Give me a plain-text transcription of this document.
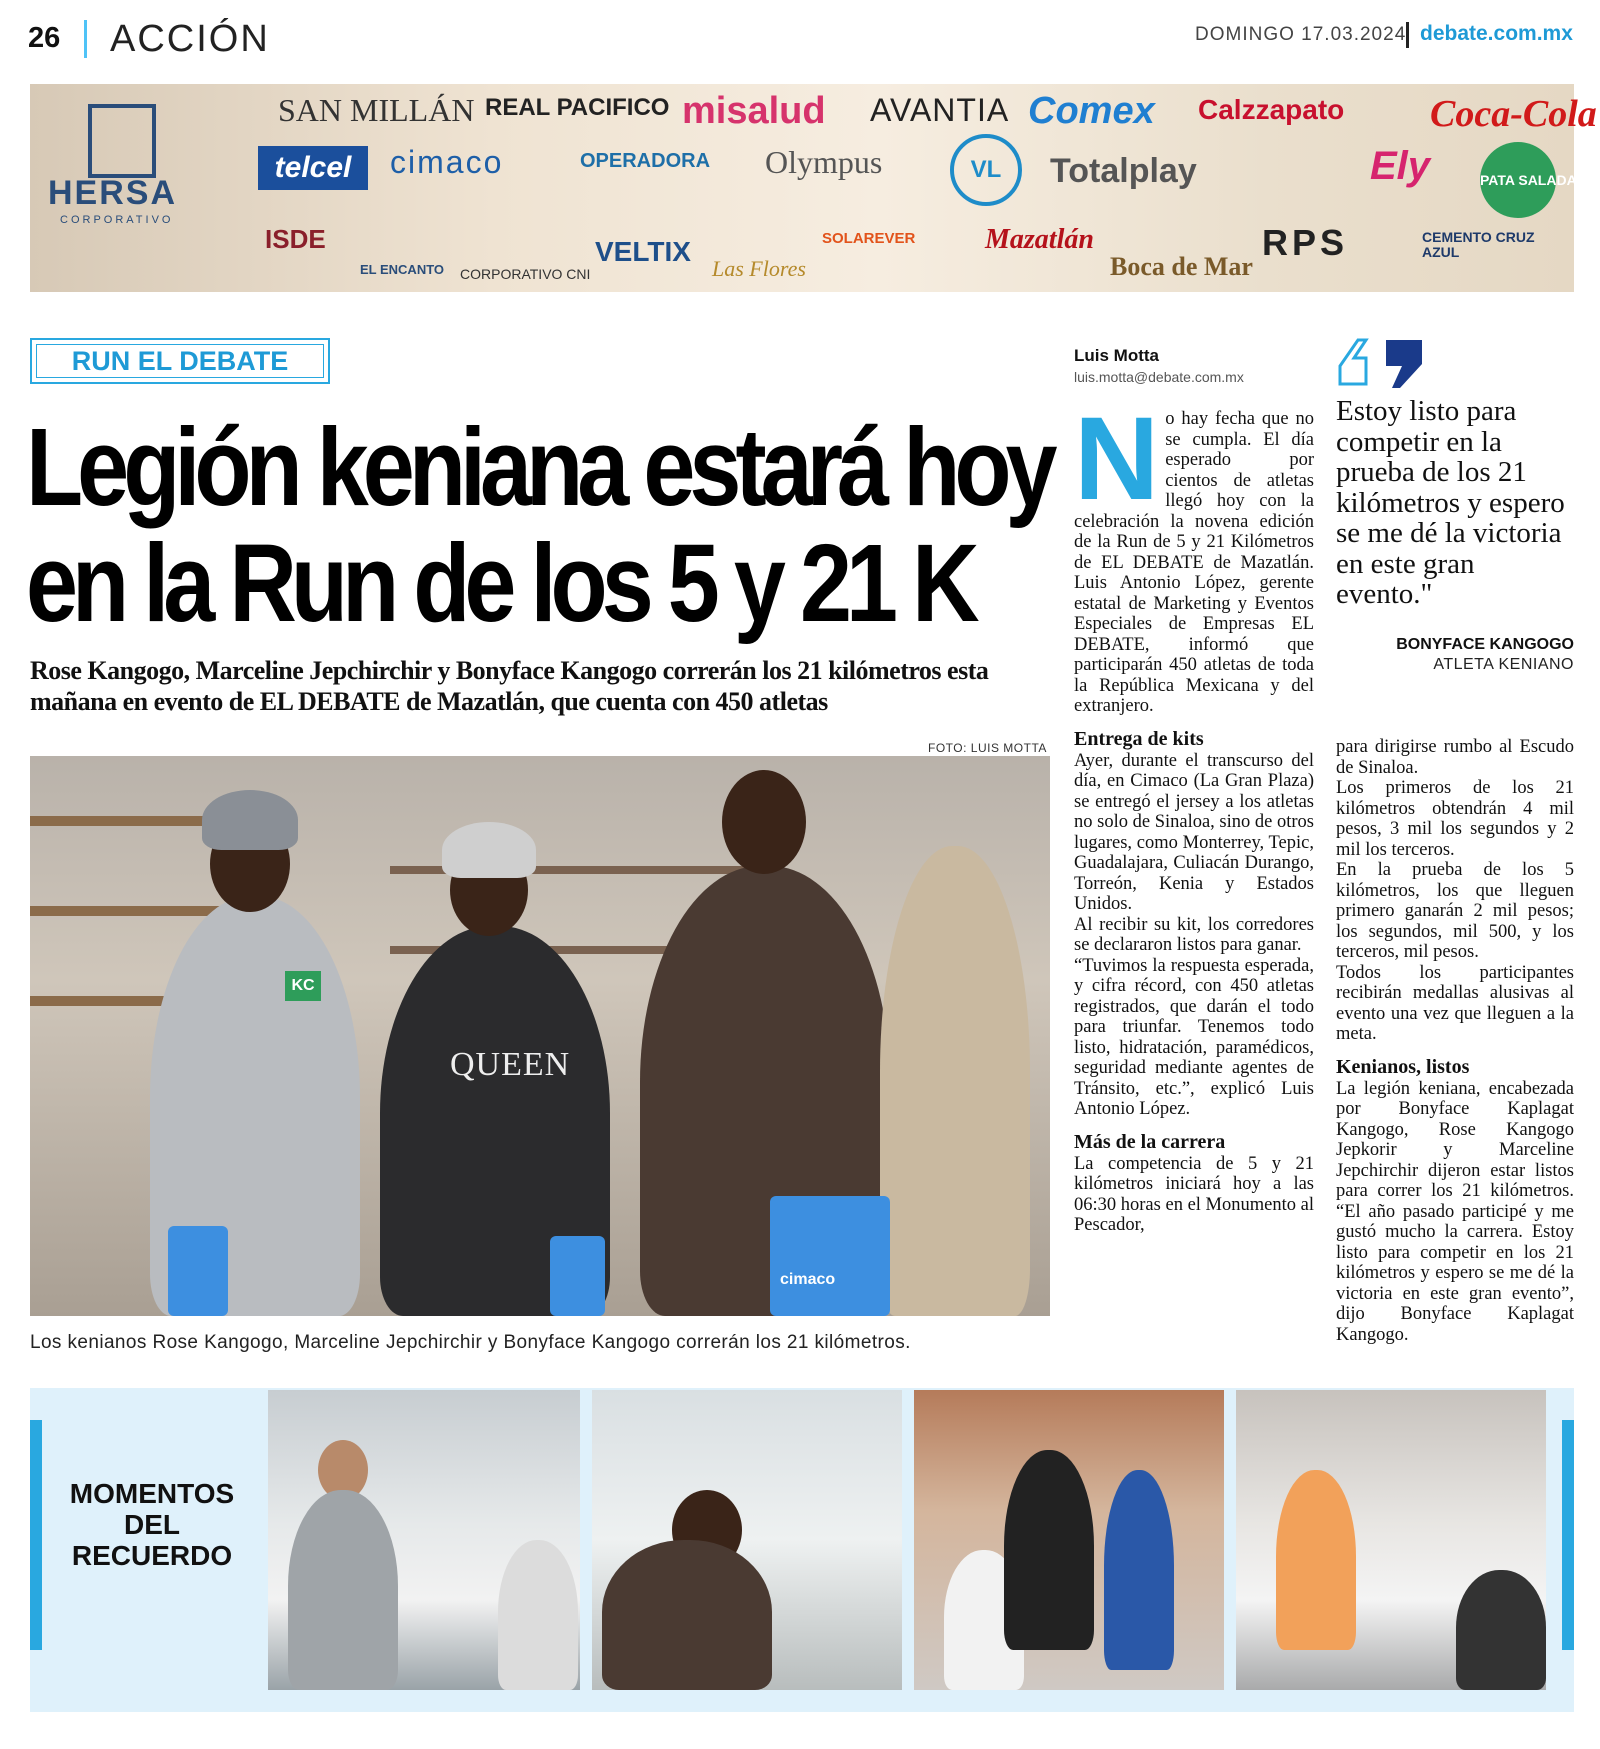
26 ACCIÓN	DOMINGO 17.03.2024 debate.com.mx
HERSA
CORPORATIVO
SAN MILLÁN REAL PACIFICO misalud AVANTIA Comex Calzzapato Coca-Cola
telcel	cimaco	OPERADORA Olympus	VL	Totalplay	Ely	PATA SALADA
ISDE
EL ENCANTO CORPORATIVO CNI
VELTIX
Las Flores
SOLAREVER Mazatlán
Boca de Mar
RPS	CEMENTO CRUZ AZUL
RUN EL DEBATE
Legión keniana estará hoy en la Run de los 5 y 21 K
Rose Kangogo, Marceline Jepchirchir y Bonyface Kangogo correrán los 21 kilómetros esta mañana en evento de EL DEBATE de Mazatlán, que cuenta con 450 atletas
FOTO: LUIS MOTTA
QUEEN
KC
cimaco
Los kenianos Rose Kangogo, Marceline Jepchirchir y Bonyface Kangogo correrán los 21 kilómetros.
Luis Motta
luis.motta@debate.com.mx
N o hay fecha que no se cumpla. El día esperado por cientos de atletas llegó hoy con la celebración la novena edición de la Run de 5 y 21 Kilómetros de EL DEBATE de Mazatlán. Luis Antonio López, gerente estatal de Marketing y Eventos Especiales de Empresas EL DEBATE, informó que participarán 450 atletas de toda la República Mexicana y del extranjero.

Entrega de kits

Ayer, durante el transcurso del día, en Cimaco (La Gran Plaza) se entregó el jersey a los atletas no solo de Sinaloa, sino de otros lugares, como Monterrey, Tepic, Guadalajara, Culiacán Durango, Torreón, Kenia y Estados Unidos.

Al recibir su kit, los corredores se declararon listos para ganar.

“Tuvimos la respuesta esperada, y cifra récord, con 450 atletas registrados, que darán el todo para triunfar. Tenemos todo listo, hidratación, paramédicos, seguridad mediante agentes de Tránsito, etc.”, explicó Luis Antonio López.

Más de la carrera

La competencia de 5 y 21 kilómetros iniciará hoy a las 06:30 horas en el Monumento al Pescador,

Estoy listo para competir en la prueba de los 21 kilómetros y espero se me dé la victoria en este gran evento."
BONYFACE KANGOGO
ATLETA KENIANO

para dirigirse rumbo al Escudo de Sinaloa.

Los primeros de los 21 kilómetros obtendrán 4 mil pesos, 3 mil los segundos y 2 mil los terceros.

En la prueba de los 5 kilómetros, los que lleguen primero ganarán 2 mil pesos; los segundos, mil 500, y los terceros, mil pesos.

Todos los participantes recibirán medallas alusivas al evento una vez que lleguen a la meta.

Kenianos, listos

La legión keniana, encabezada por Bonyface Kaplagat Kangogo, Rose Kangogo Jepkorir y Marceline Jepchirchir dijeron estar listos para correr los 21 kilómetros. “El año pasado participé y me gustó mucho la carrera. Estoy listo para competir en los 21 kilómetros y espero se me dé la victoria en este gran evento”, dijo Bonyface Kaplagat Kangogo.

MOMENTOS DEL RECUERDO
